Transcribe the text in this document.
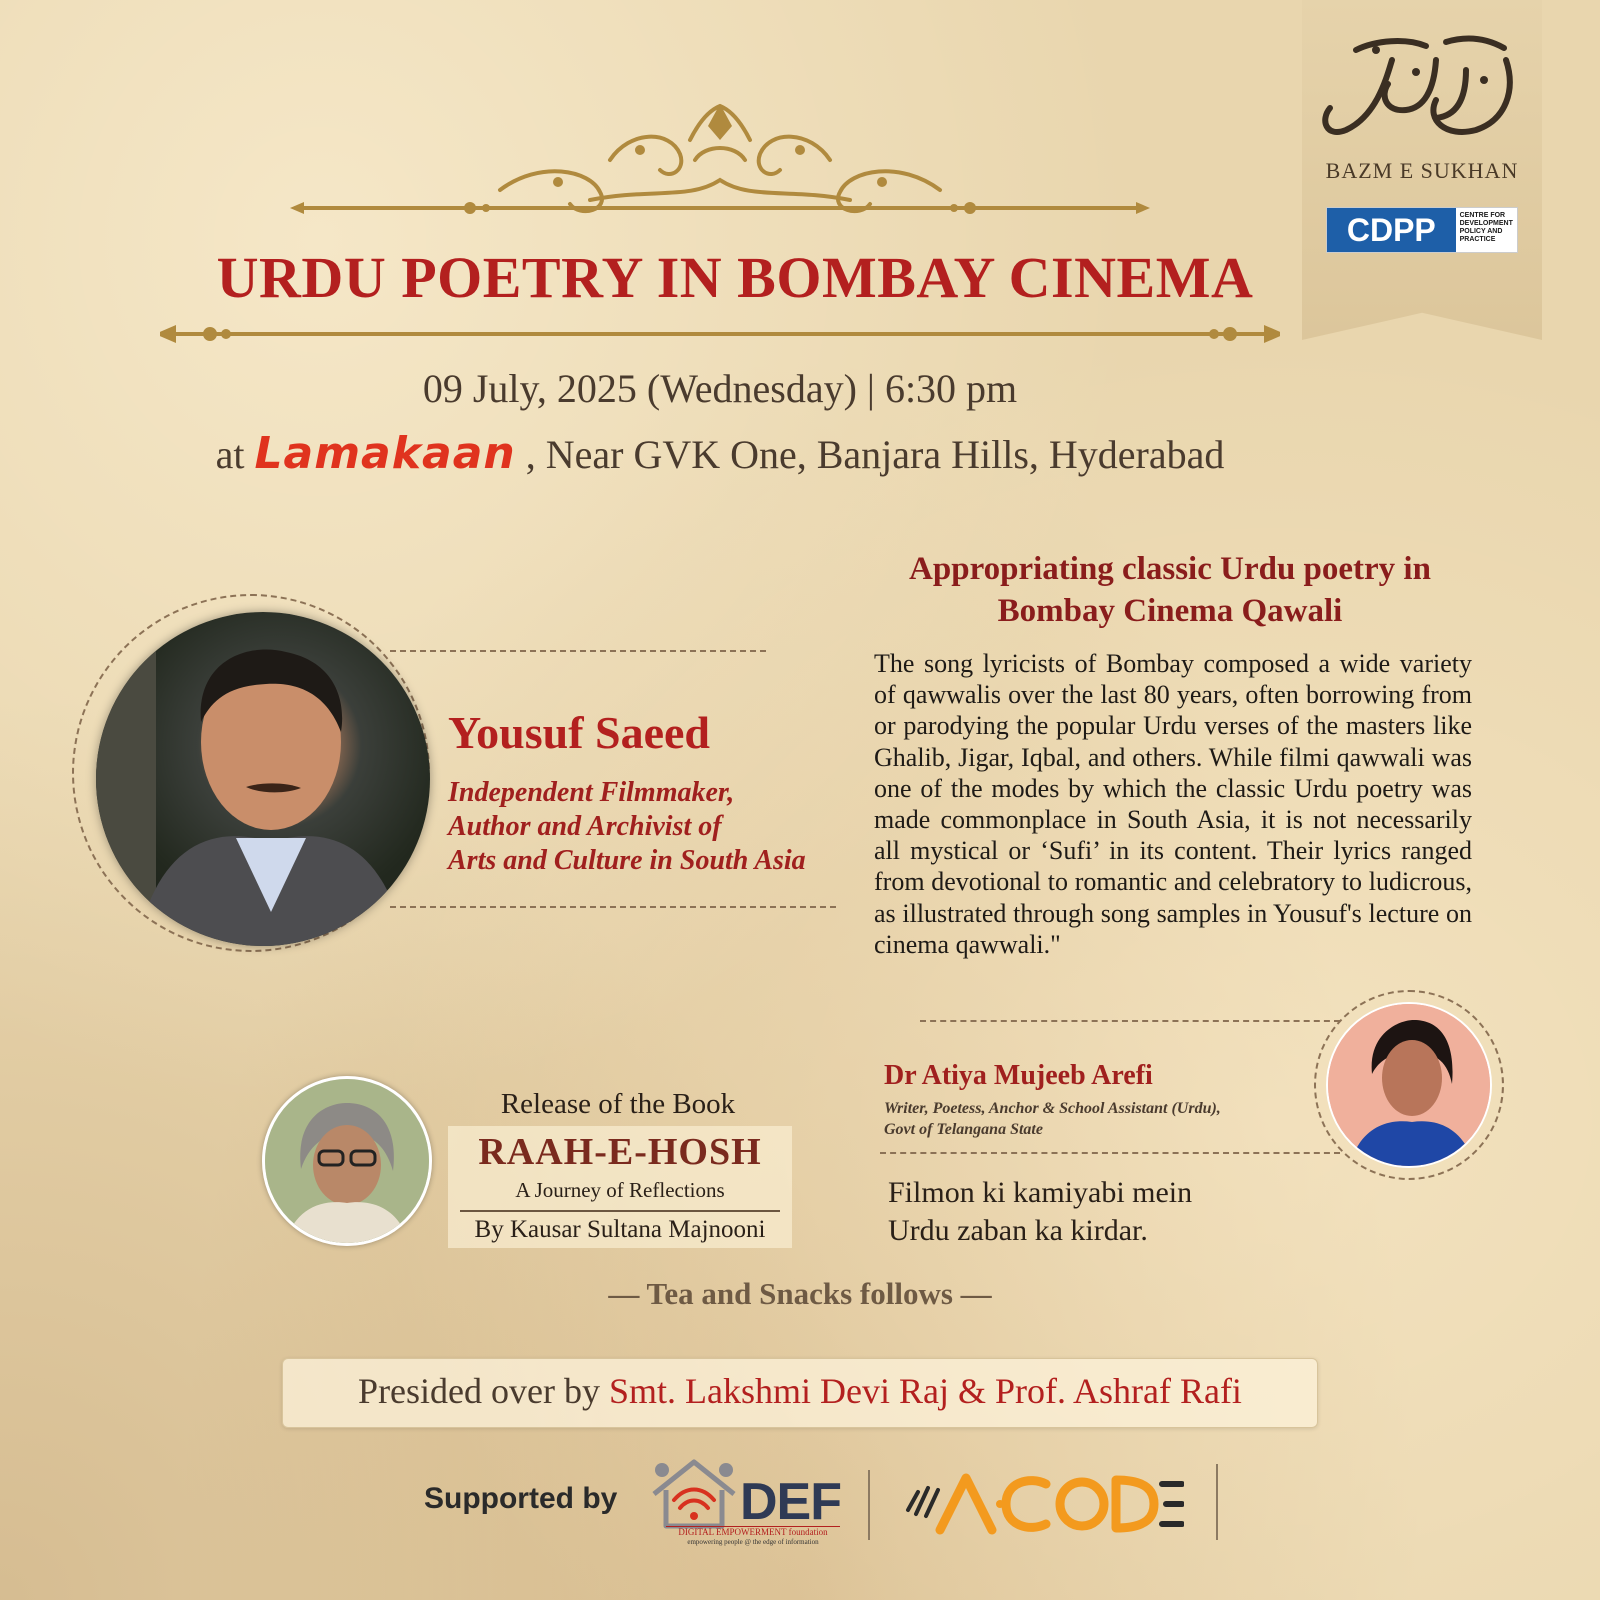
BAZM E SUKHAN
CDPP	CENTRE FOR DEVELOPMENT POLICY AND PRACTICE
URDU POETRY IN BOMBAY CINEMA
09 July, 2025 (Wednesday) | 6:30 pm
at Lamakaan , Near GVK One, Banjara Hills, Hyderabad
Yousuf Saeed
Independent Filmmaker,
Author and Archivist of
Arts and Culture in South Asia
Appropriating classic Urdu poetry in
Bombay Cinema Qawali
The song lyricists of Bombay composed a wide variety of qawwalis over the last 80 years, often borrowing from or parodying the popular Urdu verses of the masters like Ghalib, Jigar, Iqbal, and others. While filmi qawwali was one of the modes by which the classic Urdu poetry was made commonplace in South Asia, it is not necessarily all mystical or ‘Sufi’ in its content. Their lyrics ranged from devotional to romantic and celebratory to ludicrous, as illustrated through song samples in Yousuf's lecture on cinema qawwali."
Dr Atiya Mujeeb Arefi
Writer, Poetess, Anchor & School Assistant (Urdu),
Govt of Telangana State
Filmon ki kamiyabi mein
Urdu zaban ka kirdar.
Release of the Book
RAAH-E-HOSH
A Journey of Reflections
By Kausar Sultana Majnooni
— Tea and Snacks follows —
Presided over by Smt. Lakshmi Devi Raj & Prof. Ashraf Rafi
Supported by DEF
DIGITAL EMPOWERMENT foundation
empowering people @ the edge of information
